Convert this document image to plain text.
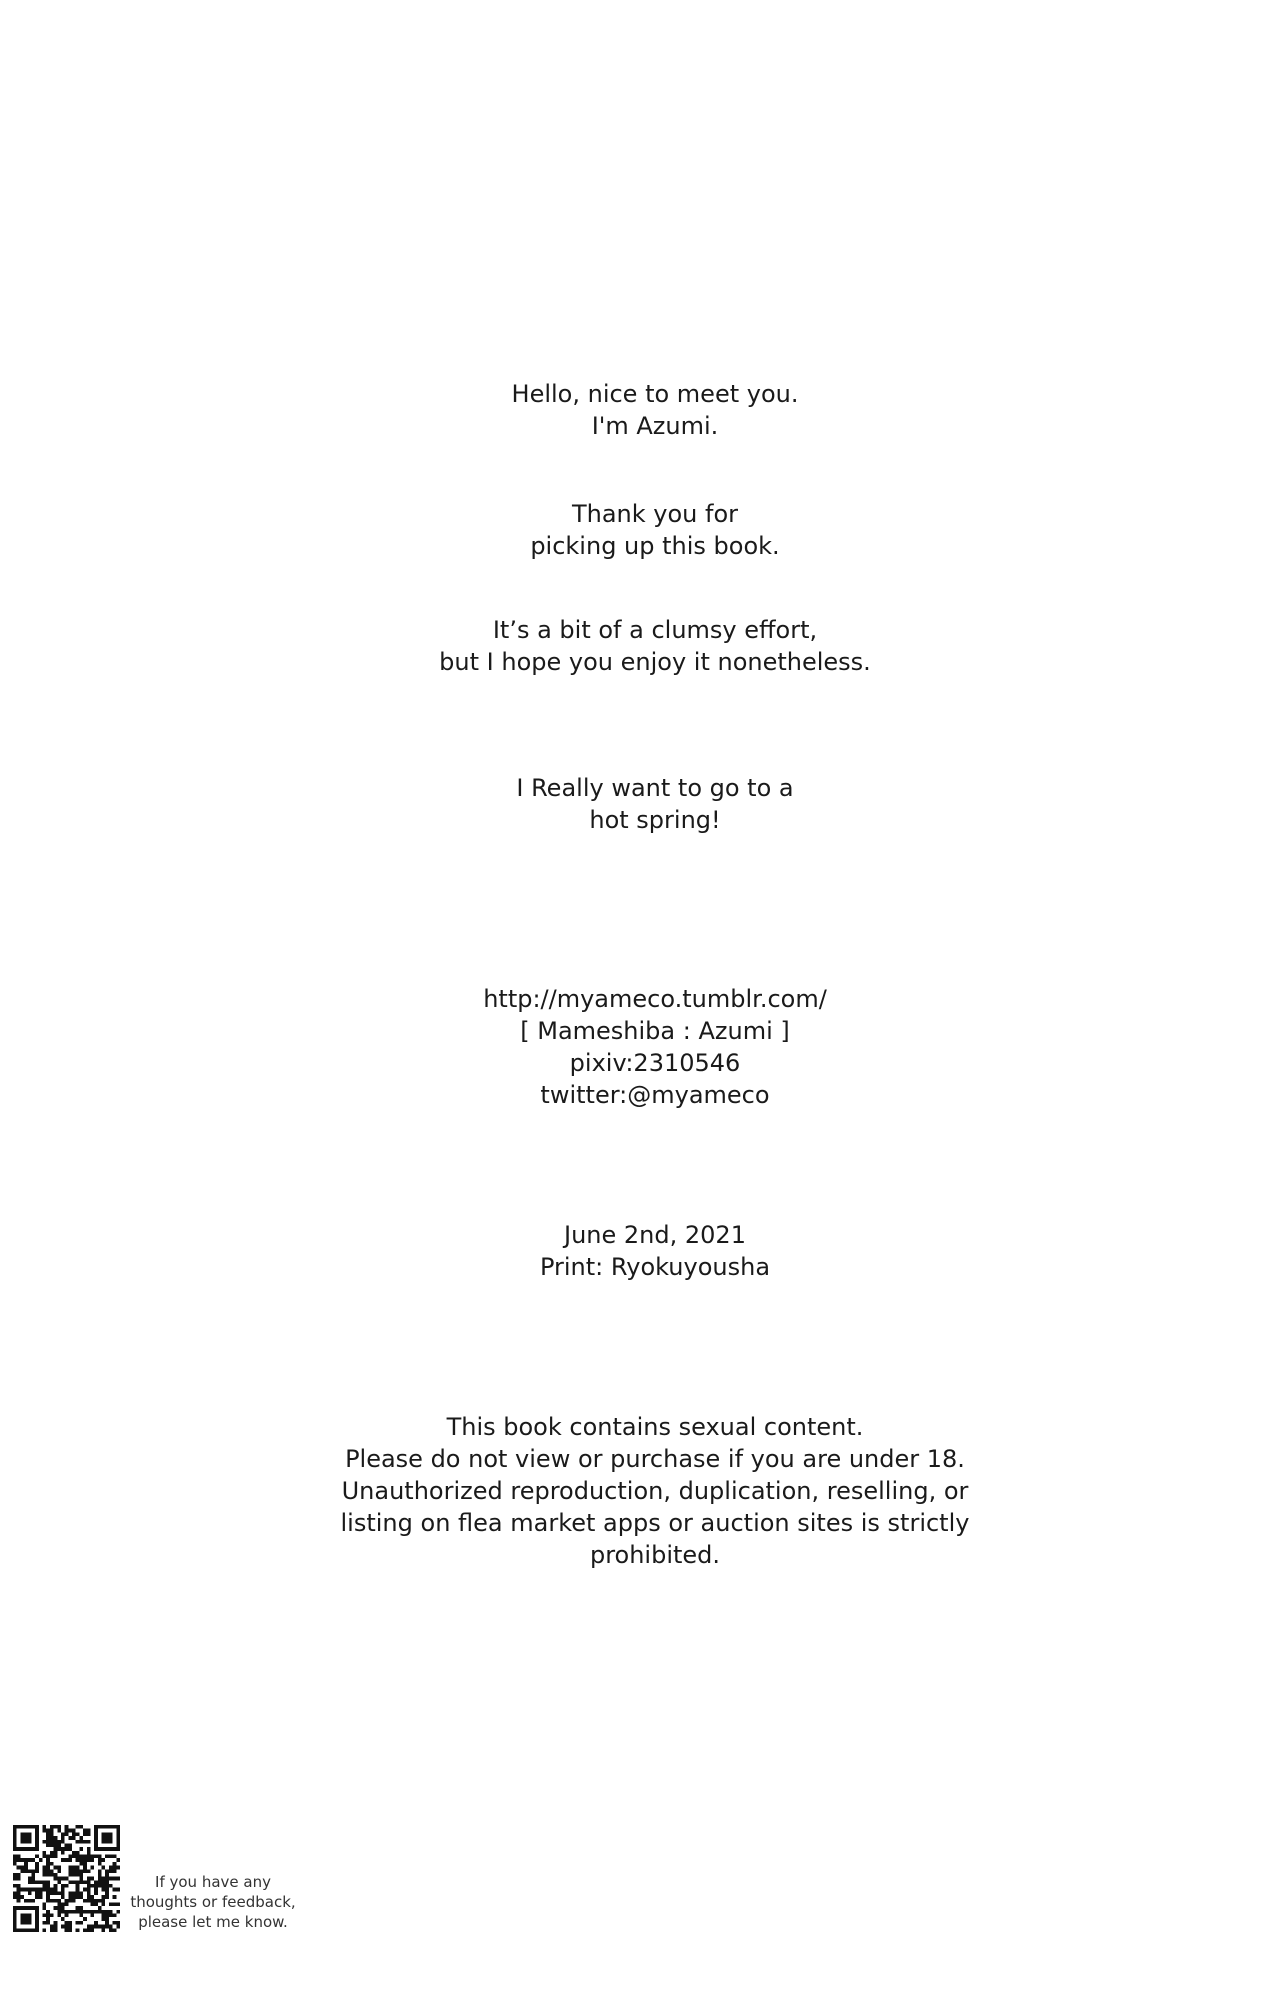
Hello, nice to meet you.
I'm Azumi.
Thank you for
picking up this book.
It’s a bit of a clumsy effort,
but I hope you enjoy it nonetheless.
I Really want to go to a
hot spring!
http://myameco.tumblr.com/
[ Mameshiba : Azumi ]
pixiv:2310546
twitter:@myameco
June 2nd, 2021
Print: Ryokuyousha
This book contains sexual content.
Please do not view or purchase if you are under 18.
Unauthorized reproduction, duplication, reselling, or
listing on flea market apps or auction sites is strictly
prohibited.
If you have any
thoughts or feedback,
please let me know.
